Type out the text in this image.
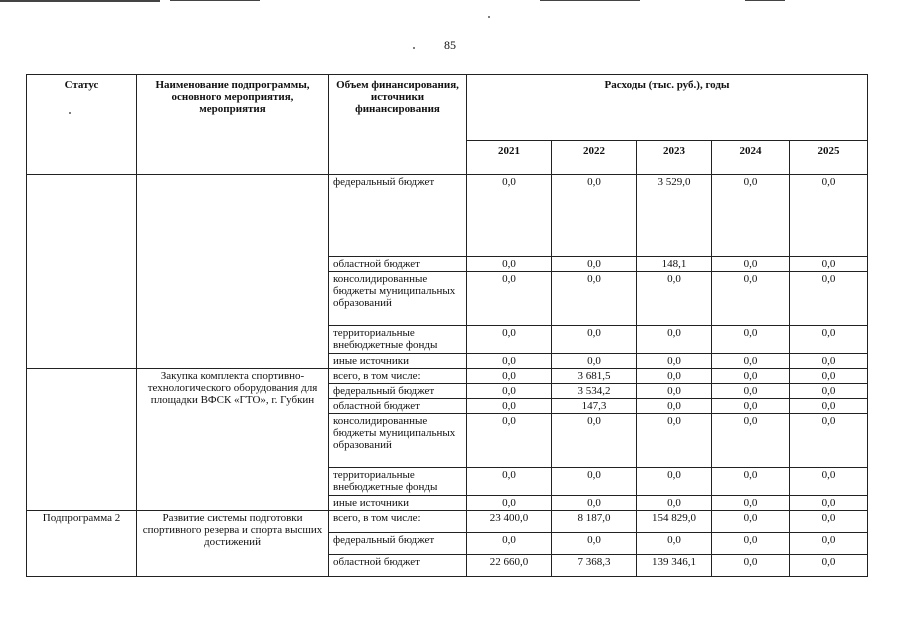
85
Статус	Наименование подпрограммы, основного мероприятия, мероприятия	Объем финансирования, источники финансирования	Расходы (тыс. руб.), годы				
			2021	2022	2023	2024	2025
		федеральный бюджет	0,0	0,0	3 529,0	0,0	0,0
		областной бюджет	0,0	0,0	148,1	0,0	0,0
		консолидированные бюджеты муниципальных образований	0,0	0,0	0,0	0,0	0,0
		территориальные внебюджетные фонды	0,0	0,0	0,0	0,0	0,0
		иные источники	0,0	0,0	0,0	0,0	0,0
	Закупка комплекта спортивно-технологического оборудования для площадки ВФСК «ГТО», г. Губкин	всего, в том числе:	0,0	3 681,5	0,0	0,0	0,0
		федеральный бюджет	0,0	3 534,2	0,0	0,0	0,0
		областной бюджет	0,0	147,3	0,0	0,0	0,0
		консолидированные бюджеты муниципальных образований	0,0	0,0	0,0	0,0	0,0
		территориальные внебюджетные фонды	0,0	0,0	0,0	0,0	0,0
		иные источники	0,0	0,0	0,0	0,0	0,0
Подпрограмма 2	Развитие системы подготовки спортивного резерва и спорта высших достижений	всего, в том числе:	23 400,0	8 187,0	154 829,0	0,0	0,0
		федеральный бюджет	0,0	0,0	0,0	0,0	0,0
		областной бюджет	22 660,0	7 368,3	139 346,1	0,0	0,0
